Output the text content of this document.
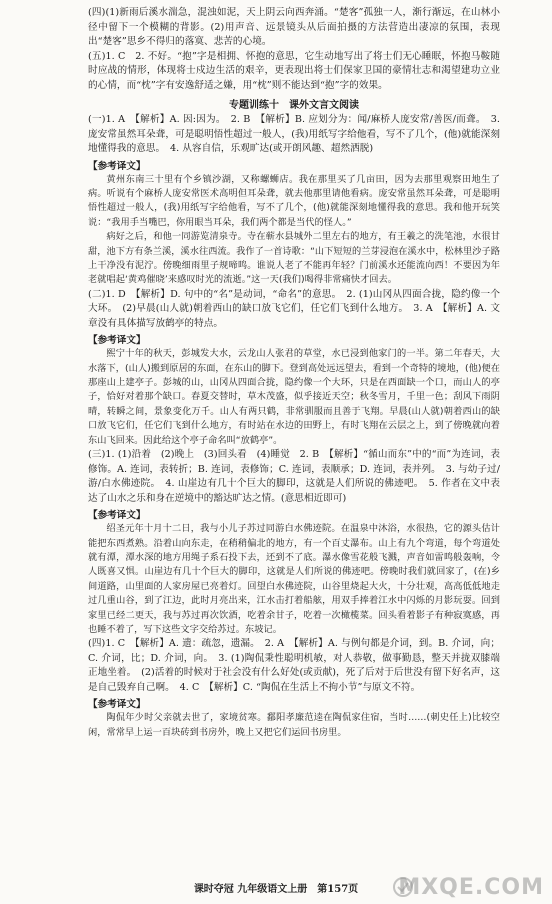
(四)(1)新雨后溪水湍急，混浊如泥，天上阴云向西奔涌。“楚客”孤独一人，渐行渐远，在山林小径中留下一个模糊的背影。(2)用声音、远景镜头从后面拍摄的方法营造出凄凉的氛围，表现出“楚客”思乡不得归的落寞、悲苦的心境。

(五)1. C　2. 不好。“抱”字是相拥、怀抱的意思，它生动地写出了将士们无心睡眠，怀抱马鞍随时应战的情形，体现将士戍边生活的艰辛，更表现出将士们保家卫国的豪情壮志和渴望建功立业的心情，而“枕”字有安逸舒适之嫌，用“枕”则不能达到“抱”字的效果。

专题训练十　课外文言文阅读

(一)1. A　【解析】A. 因:因为。　2. B　【解析】B. 应划分为：闻/麻桥人庞安常/善医/而聋。　3. 庞安常虽然耳朵聋，可是聪明悟性超过一般人，(我)用纸写字给他看，写不了几个，(他)就能深刻地懂得我的意思。　4. 从容自信，乐观旷达(或开朗风趣、超然洒脱)

【参考译文】

黄州东南三十里有个乡镇沙湖，又称螺蛳店。我在那里买了几亩田，因为去那里观察田地生了病。听说有个麻桥人庞安常医术高明但耳朵聋，就去他那里请他看病。庞安常虽然耳朵聋，可是聪明悟性超过一般人，(我)用纸写字给他看，写不了几个，(他)就能深刻地懂得我的意思。我和他开玩笑说：“我用手当嘴巴，你用眼当耳朵，我们两个都是当代的怪人。”

病好之后，和他一同游览清泉寺。寺在蕲水县城外二里左右的地方，有王羲之的洗笔池，水很甘甜，池下方有条兰溪，溪水往西流。我作了一首诗歌：“山下短短的兰芽浸泡在溪水中，松林里沙子路上干净没有泥泞。傍晚细雨里子规啼鸣。谁说人老了不能再年轻？门前溪水还能流向西！不要因为年老就唱起‘黄鸡催晓’来感叹时光的流逝。”这一天(我们)喝得非常痛快才回去。

(二)1. D　【解析】D. 句中的“名”是动词，“命名”的意思。　2. (1)山冈从四面合拢，隐约像一个大环。　(2)早晨(山人就)朝着西山的缺口放飞它们，任它们飞到什么地方。　3. A　【解析】A. 文章没有具体描写放鹤亭的特点。

【参考译文】

熙宁十年的秋天，彭城发大水，云龙山人张君的草堂，水已浸到他家门的一半。第二年春天，大水落下，(山人)搬到原居的东面，在东山的脚下。登到高处远远望去，看到一个奇特的境地，(他)便在那座山上建亭子。彭城的山，山冈从四面合拢，隐约像一个大环，只是在西面缺一个口，而山人的亭子，恰好对着那个缺口。春夏交替时，草木茂盛，似乎接近天空；秋冬雪月，千里一色；刮风下雨阴晴，转瞬之间，景象变化万千。山人有两只鹤，非常驯服而且善于飞翔。早晨(山人就)朝着西山的缺口放飞它们，任它们飞到什么地方，有时站在水边的田野上，有时飞翔在云层之上，到了傍晚就向着东山飞回来。因此给这个亭子命名叫“放鹤亭”。

(三)1. (1)沿着　(2)晚上　(3)回头看　(4)睡觉　2. B　【解析】“循山而东”中的“而”为连词，表修饰。A. 连词，表转折；B. 连词，表修饰；C. 连词，表顺承；D. 连词，表并列。　3. 与幼子过/游/白水佛迹院。　4. 山崖边有几十个巨大的脚印，这就是人们所说的佛迹吧。　5. 作者在文中表达了山水之乐和身在逆境中的豁达旷达之情。(意思相近即可)

【参考译文】

绍圣元年十月十二日，我与小儿子苏过同游白水佛迹院。在温泉中沐浴，水很热，它的源头估计能把东西煮熟。沿着山向东走，在稍稍偏北的地方，有一个百丈瀑布。山上有九个弯道，每个弯道处就有潭，潭水深的地方用绳子系石投下去，还到不了底。瀑水像雪花般飞溅，声音如雷鸣般轰响，令人既喜又惧。山崖边有几十个巨大的脚印，这就是人们所说的佛迹吧。傍晚时我们就回家了，(在)乡间道路，山里面的人家房屋已亮着灯。回望白水佛迹院，山谷里烧起大火，十分壮观，高高低低地走过几重山谷，到了江边，此时月亮出来，江水击打着船舷，用双手捧着江水中闪烁的月影玩耍。回到家里已经二更天，我与苏过再次饮酒，吃着余甘子，吃着一次橄榄菜。回头看着影子有种寂寞感，再也睡不着了，写下这些文字交给苏过。东坡记。

(四)1. C　【解析】A. 遗：疏忽，遗漏。　2. A　【解析】A. 与例句都是介词，到。B. 介词，向；C. 介词，比；D. 介词，向。　3. (1)陶侃秉性聪明机敏，对人恭敬，做事勤恳，整天并拢双膝端正地坐着。　(2)活着的时候对于社会没有什么好处(或贡献)，死了后对于后世没有留下好名声，这是自己毁弃自己啊。　4. C　【解析】C. “陶侃在生活上不拘小节”与原文不符。

【参考译文】

陶侃年少时父亲就去世了，家境贫寒。鄱阳孝廉范逵在陶侃家住宿，当时……(刺史任上)比较空闲，常常早上运一百块砖到书房外，晚上又把它们运回书房里。

课时夺冠 九年级语文上册　第157页	MXQE.COM
